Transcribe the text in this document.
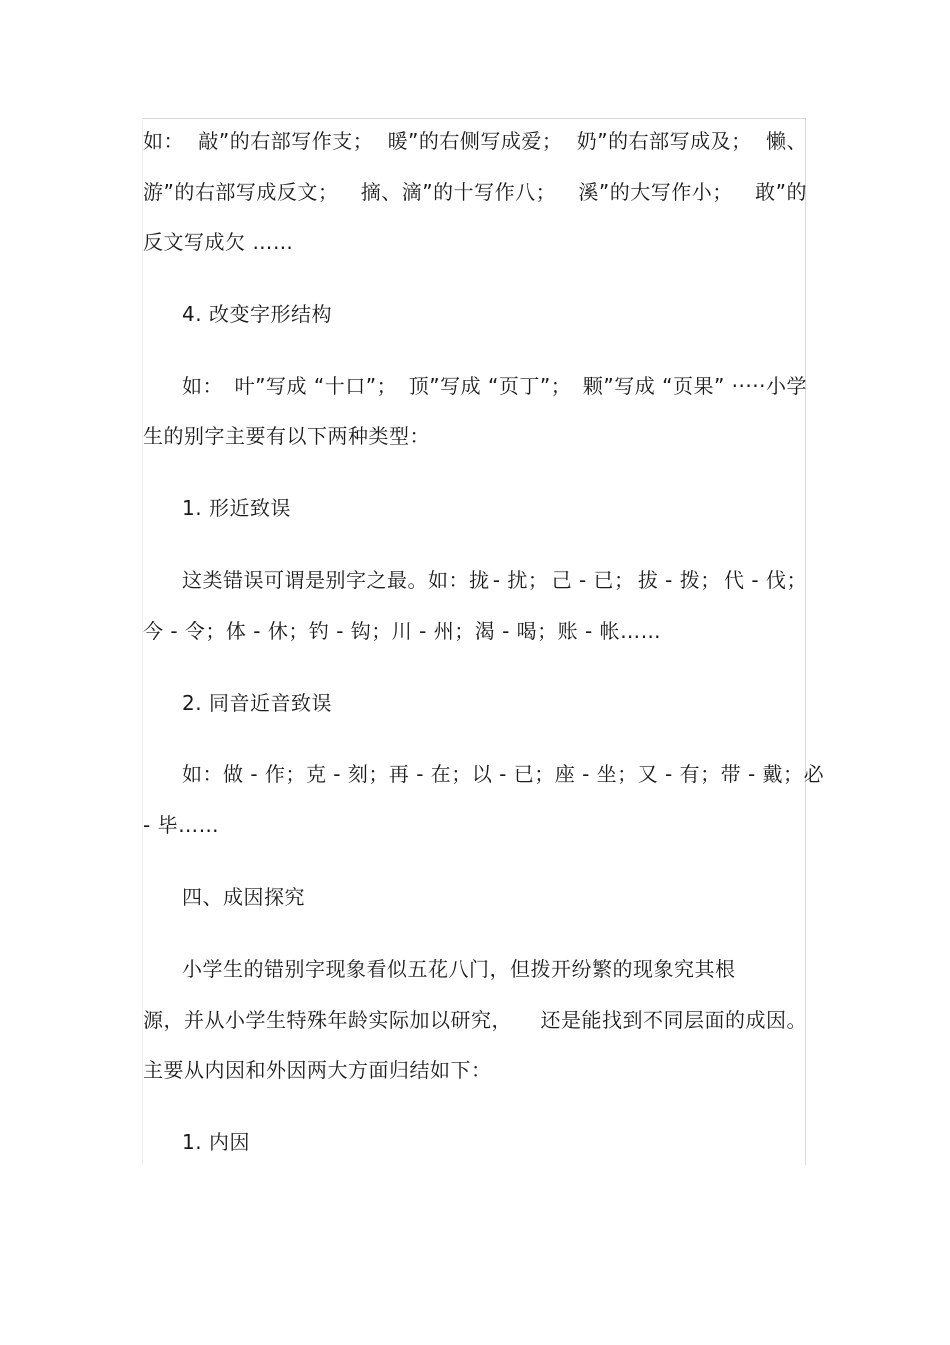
如： 敲”的右部写作支； 暖”的右侧写成爱； 奶”的右部写成及； 懒、
游”的右部写成反文； 摘、滴”的十写作八； 溪”的大写作小； 敢”的
反文写成欠 ……
4. 改变字形结构
如： 叶”写成 “十口”； 顶”写成 “页丁”； 颗”写成 “页果” ·····小学
生的别字主要有以下两种类型：
1. 形近致误
这类错误可谓是别字之最。如：拢 - 扰； 己 - 已； 拔 - 拨； 代 - 伐；
今 - 令；体 - 休；钓 - 钩；川 - 州；渴 - 喝；账 - 帐……
2. 同音近音致误
如：做 - 作； 克 - 刻； 再 - 在； 以 - 已； 座 - 坐； 又 - 有； 带 - 戴； 必
- 毕……
四、成因探究
小学生的错别字现象看似五花八门，但拨开纷繁的现象究其根
源，并从小学生特殊年龄实际加以研究， 还是能找到不同层面的成因。
主要从内因和外因两大方面归结如下：
1. 内因
